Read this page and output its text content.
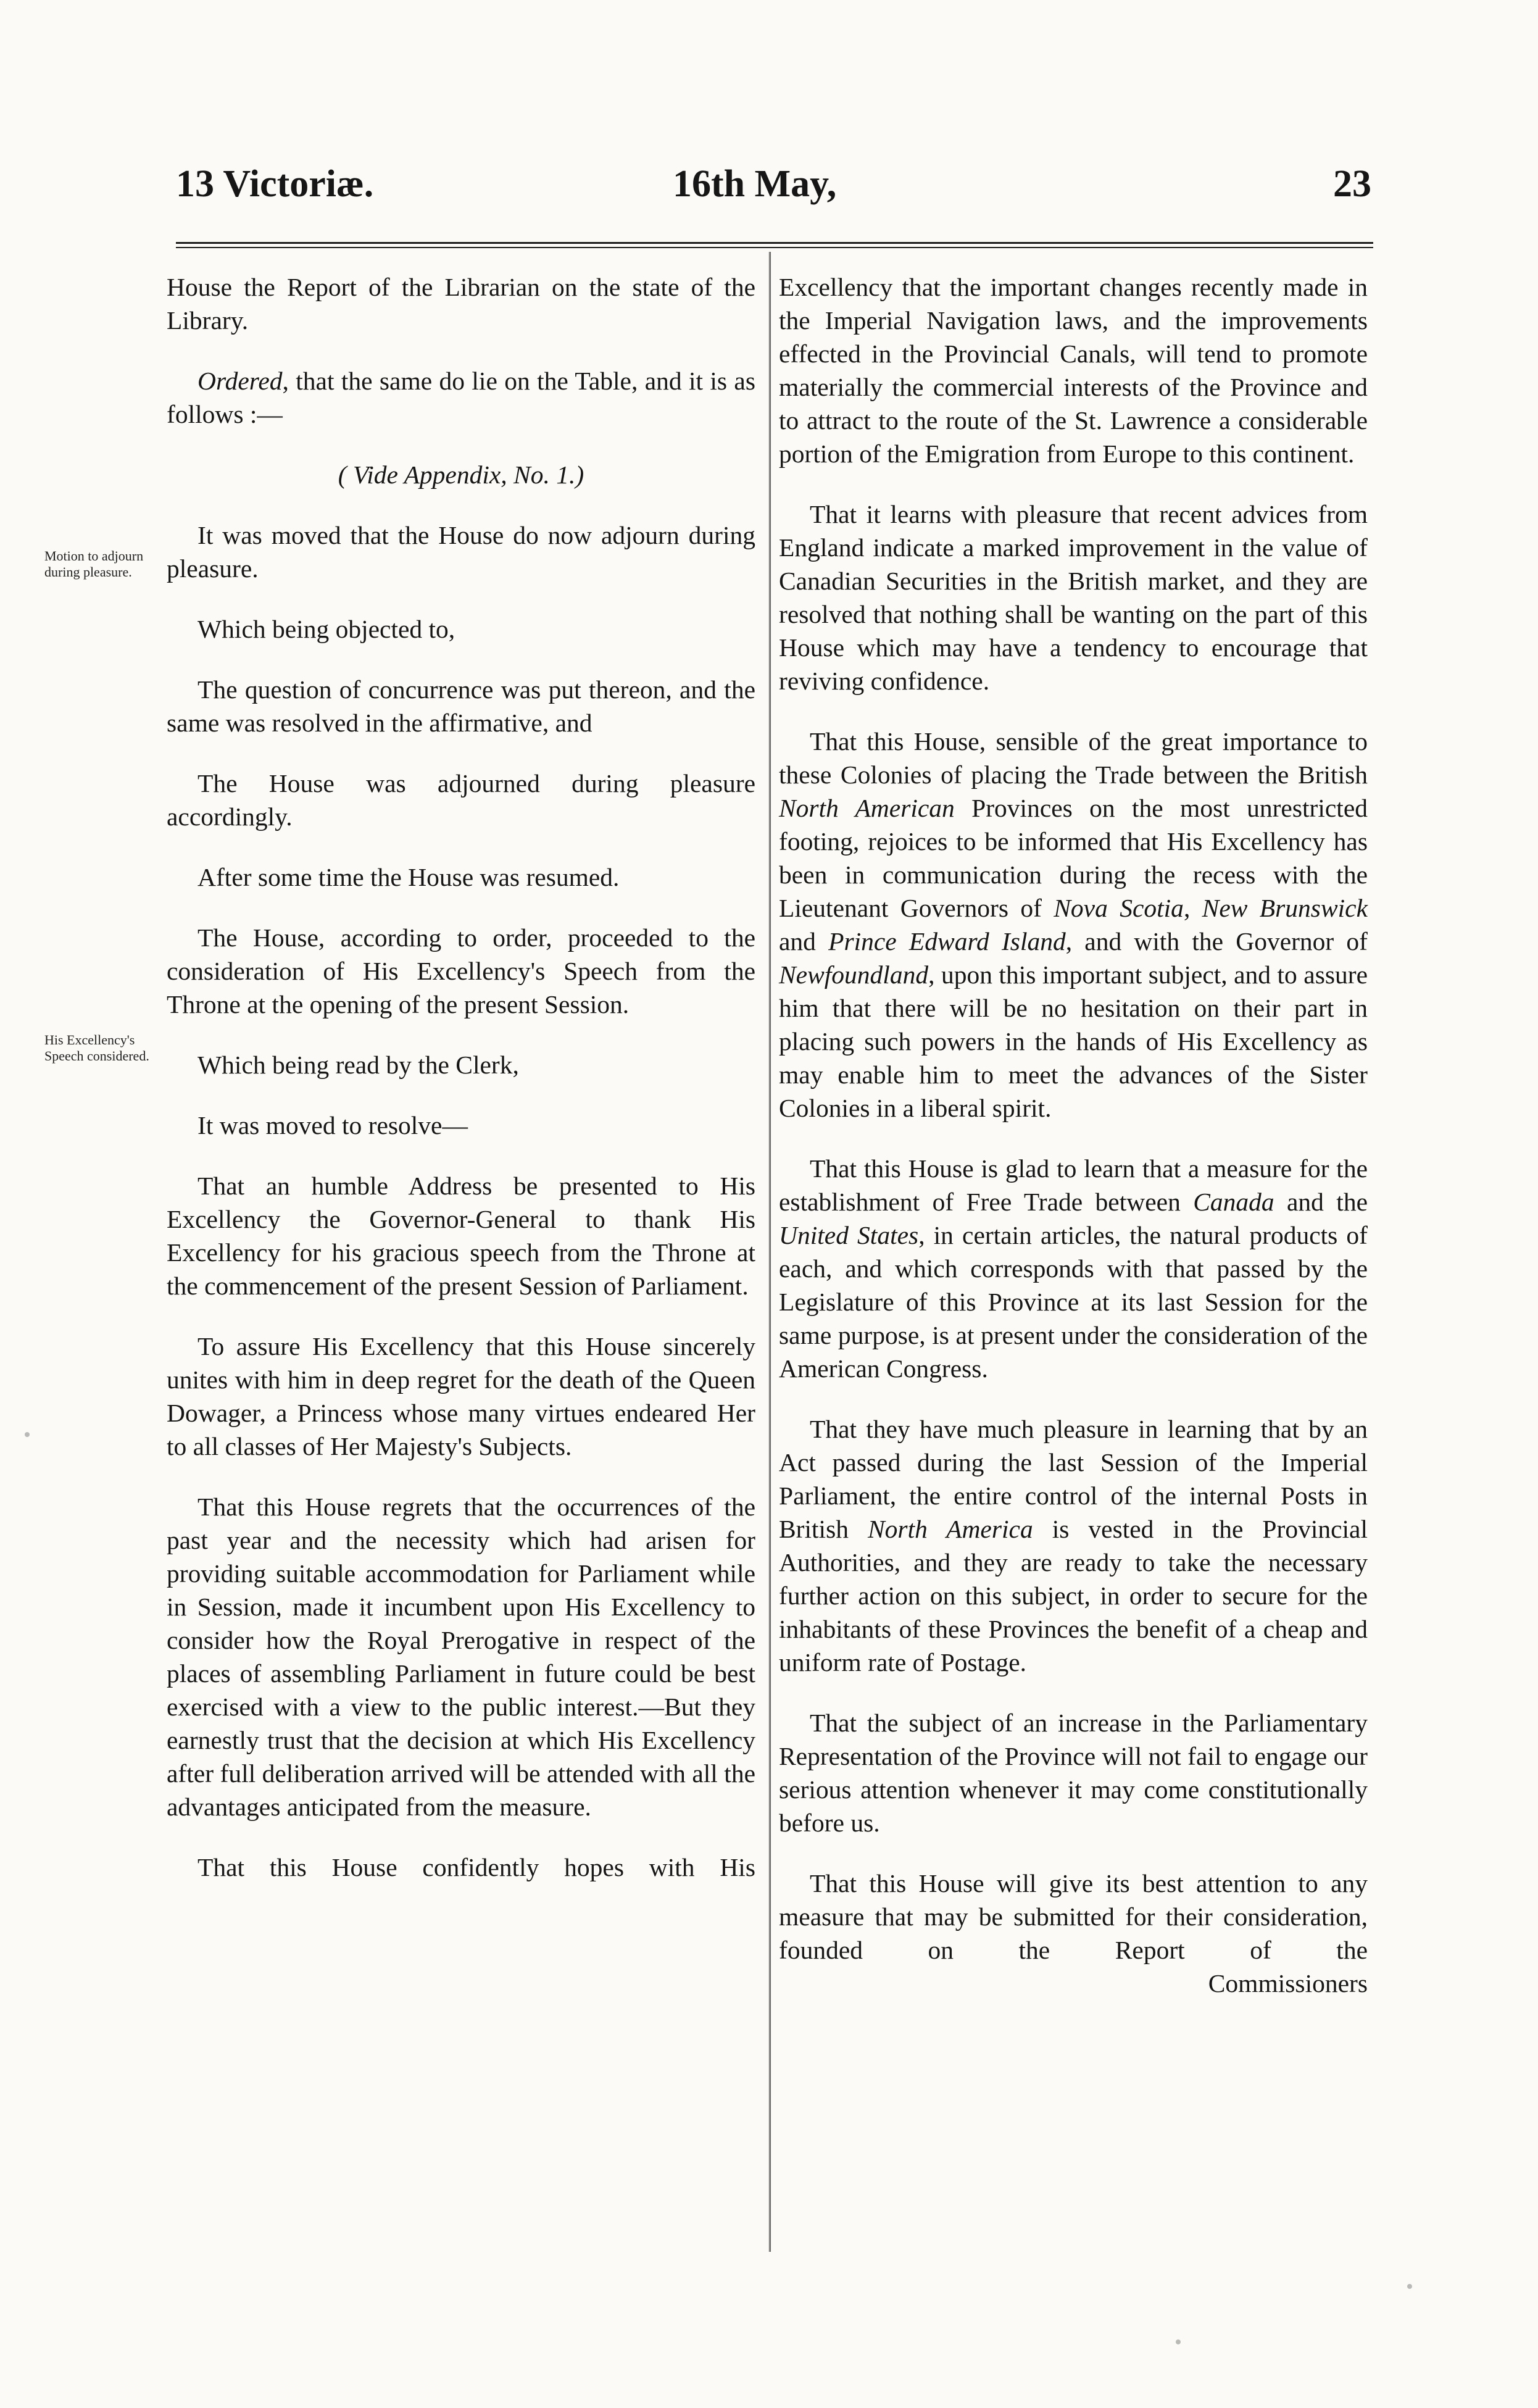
13 Victoriæ.	16th May,	23
Motion to adjourn during pleasure.
His Excellency's Speech considered.

House the Report of the Librarian on the state of the Library.

Ordered, that the same do lie on the Table, and it is as follows :—

( Vide Appendix, No. 1.)

It was moved that the House do now adjourn during pleasure.

Which being objected to,

The question of concurrence was put thereon, and the same was resolved in the affirmative, and

The House was adjourned during pleasure accordingly.

After some time the House was resumed.

The House, according to order, proceeded to the consideration of His Excellency's Speech from the Throne at the opening of the present Session.

Which being read by the Clerk,

It was moved to resolve—

That an humble Address be presented to His Excellency the Governor-General to thank His Excellency for his gracious speech from the Throne at the commencement of the present Session of Parliament.

To assure His Excellency that this House sincerely unites with him in deep regret for the death of the Queen Dowager, a Princess whose many virtues endeared Her to all classes of Her Majesty's Subjects.

That this House regrets that the occurrences of the past year and the necessity which had arisen for providing suitable accommodation for Parliament while in Session, made it incumbent upon His Excellency to consider how the Royal Prerogative in respect of the places of assembling Parliament in future could be best exercised with a view to the public interest.—But they earnestly trust that the decision at which His Excellency after full deliberation arrived will be attended with all the advantages anticipated from the measure.

That this House confidently hopes with His

Excellency that the important changes recently made in the Imperial Navigation laws, and the improvements effected in the Provincial Canals, will tend to promote materially the commercial interests of the Province and to attract to the route of the St. Lawrence a considerable portion of the Emigration from Europe to this continent.

That it learns with pleasure that recent advices from England indicate a marked improvement in the value of Canadian Securities in the British market, and they are resolved that nothing shall be wanting on the part of this House which may have a tendency to encourage that reviving confidence.

That this House, sensible of the great importance to these Colonies of placing the Trade between the British North American Provinces on the most unrestricted footing, rejoices to be informed that His Excellency has been in communication during the recess with the Lieutenant Governors of Nova Scotia, New Brunswick and Prince Edward Island, and with the Governor of Newfoundland, upon this important subject, and to assure him that there will be no hesitation on their part in placing such powers in the hands of His Excellency as may enable him to meet the advances of the Sister Colonies in a liberal spirit.

That this House is glad to learn that a measure for the establishment of Free Trade between Canada and the United States, in certain articles, the natural products of each, and which corresponds with that passed by the Legislature of this Province at its last Session for the same purpose, is at present under the consideration of the American Congress.

That they have much pleasure in learning that by an Act passed during the last Session of the Imperial Parliament, the entire control of the internal Posts in British North America is vested in the Provincial Authorities, and they are ready to take the necessary further action on this subject, in order to secure for the inhabitants of these Provinces the benefit of a cheap and uniform rate of Postage.

That the subject of an increase in the Parliamentary Representation of the Province will not fail to engage our serious attention whenever it may come constitutionally before us.

That this House will give its best attention to any measure that may be submitted for their consideration, founded on the Report of the

Commissioners
